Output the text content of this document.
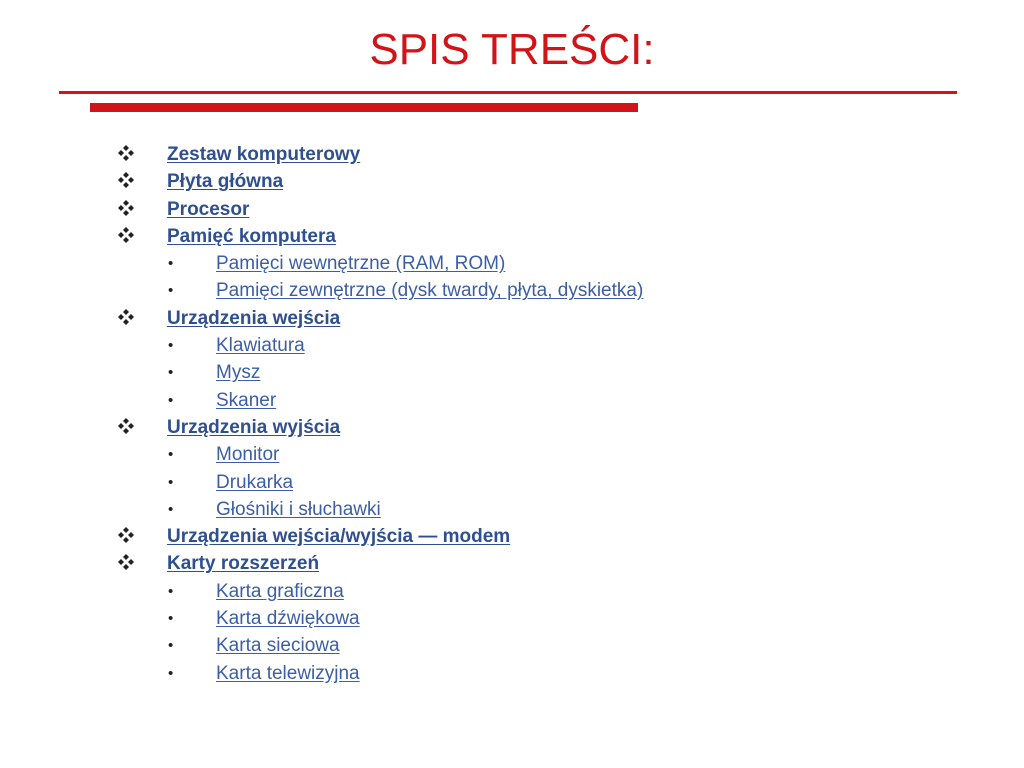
SPIS TREŚCI:
Zestaw komputerowy
Płyta główna
Procesor
Pamięć komputera
• Pamięci wewnętrzne (RAM, ROM)
• Pamięci zewnętrzne (dysk twardy, płyta, dyskietka)
Urządzenia wejścia
• Klawiatura
• Mysz
• Skaner
Urządzenia wyjścia
• Monitor
• Drukarka
• Głośniki i słuchawki
Urządzenia wejścia/wyjścia — modem
Karty rozszerzeń
• Karta graficzna
• Karta dźwiękowa
• Karta sieciowa
• Karta telewizyjna
